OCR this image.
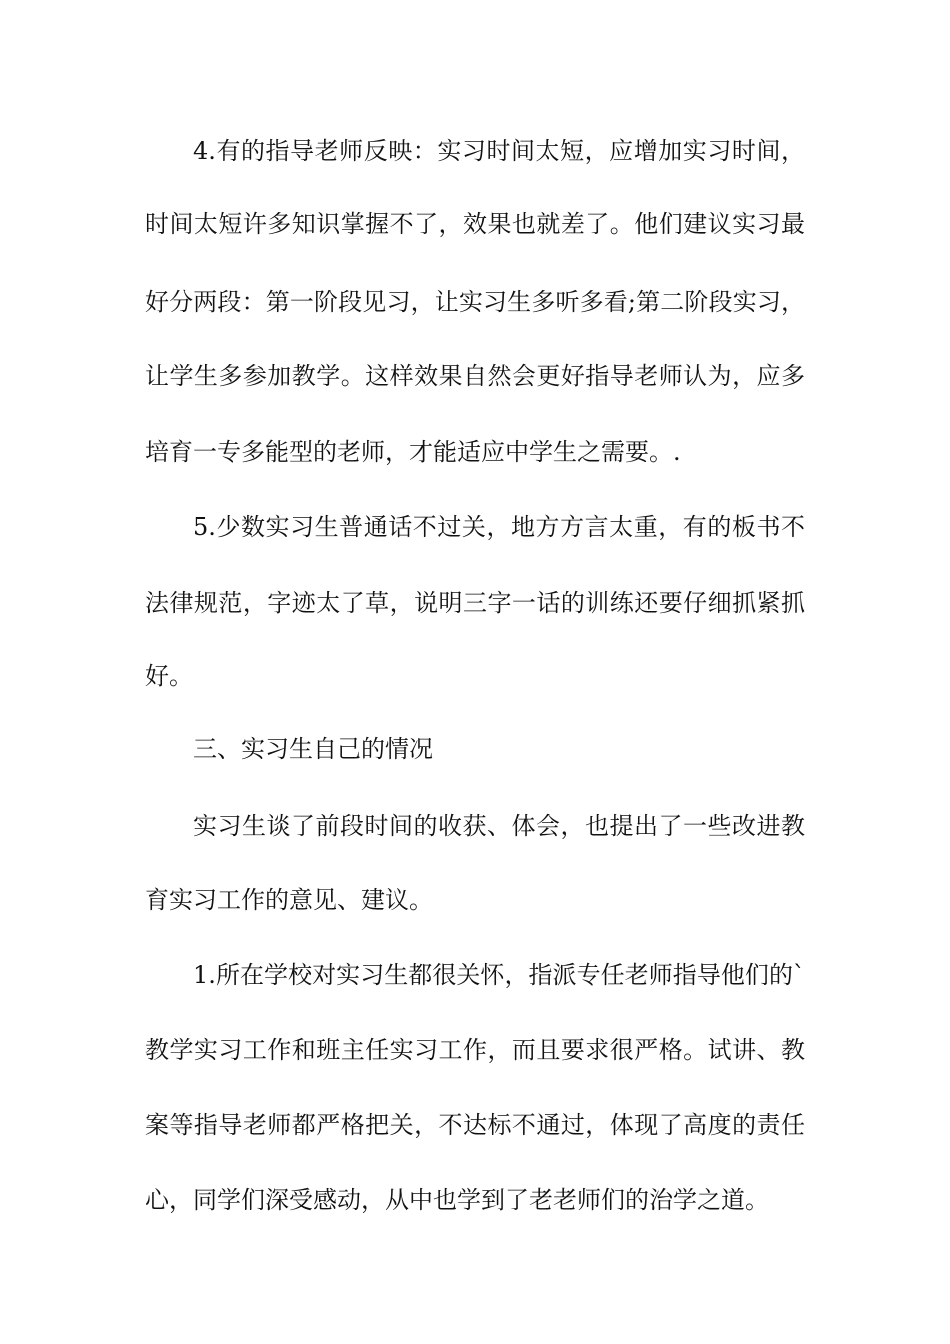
4.有的指导老师反映：实习时间太短，应增加实习时间，
时间太短许多知识掌握不了，效果也就差了。他们建议实习最
好分两段：第一阶段见习，让实习生多听多看;第二阶段实习，
让学生多参加教学。这样效果自然会更好指导老师认为，应多
培育一专多能型的老师，才能适应中学生之需要。.
5.少数实习生普通话不过关，地方方言太重，有的板书不
法律规范，字迹太了草，说明三字一话的训练还要仔细抓紧抓
好。
三、实习生自己的情况
实习生谈了前段时间的收获、体会，也提出了一些改进教
育实习工作的意见、建议。
1.所在学校对实习生都很关怀，指派专任老师指导他们的`
教学实习工作和班主任实习工作，而且要求很严格。试讲、教
案等指导老师都严格把关，不达标不通过，体现了高度的责任
心，同学们深受感动，从中也学到了老老师们的治学之道。
